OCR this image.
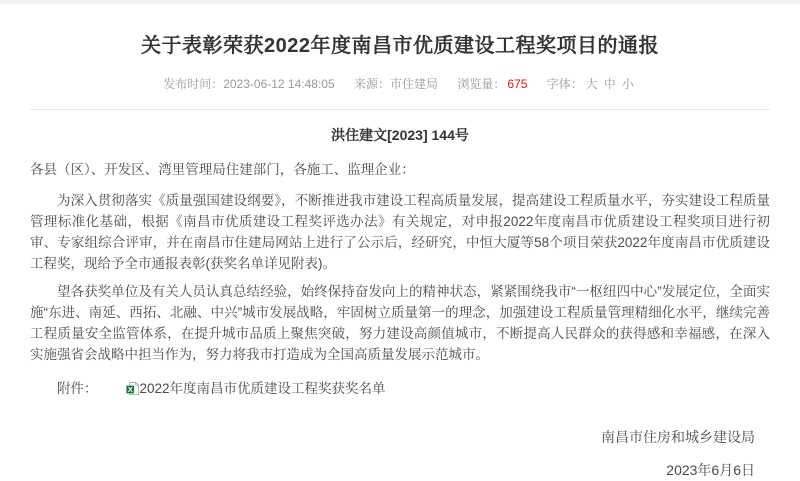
关于表彰荣获2022年度南昌市优质建设工程奖项目的通报
发布时间：2023-06-12 14:48:05 来源：市住建局 浏览量： 675 字体： 大 中 小
洪住建文[2023] 144号

各县（区）、开发区、湾里管理局住建部门，各施工、监理企业：

为深入贯彻落实《质量强国建设纲要》，不断推进我市建设工程高质量发展，提高建设工程质量水平，夯实建设工程质量管理标准化基础，根据《南昌市优质建设工程奖评选办法》有关规定，对申报2022年度南昌市优质建设工程奖项目进行初审、专家组综合评审，并在南昌市住建局网站上进行了公示后，经研究，中恒大厦等58个项目荣获2022年度南昌市优质建设工程奖，现给予全市通报表彰(获奖名单详见附表)。

望各获奖单位及有关人员认真总结经验，始终保持奋发向上的精神状态，紧紧围绕我市“一枢纽四中心”发展定位，全面实施“东进、南延、西拓、北融、中兴”城市发展战略，牢固树立质量第一的理念，加强建设工程质量管理精细化水平，继续完善工程质量安全监管体系，在提升城市品质上聚焦突破，努力建设高颜值城市，不断提高人民群众的获得感和幸福感，在深入实施强省会战略中担当作为，努力将我市打造成为全国高质量发展示范城市。

附件：	X 2022年度南昌市优质建设工程奖获奖名单

南昌市住房和城乡建设局
2023年6月6日
